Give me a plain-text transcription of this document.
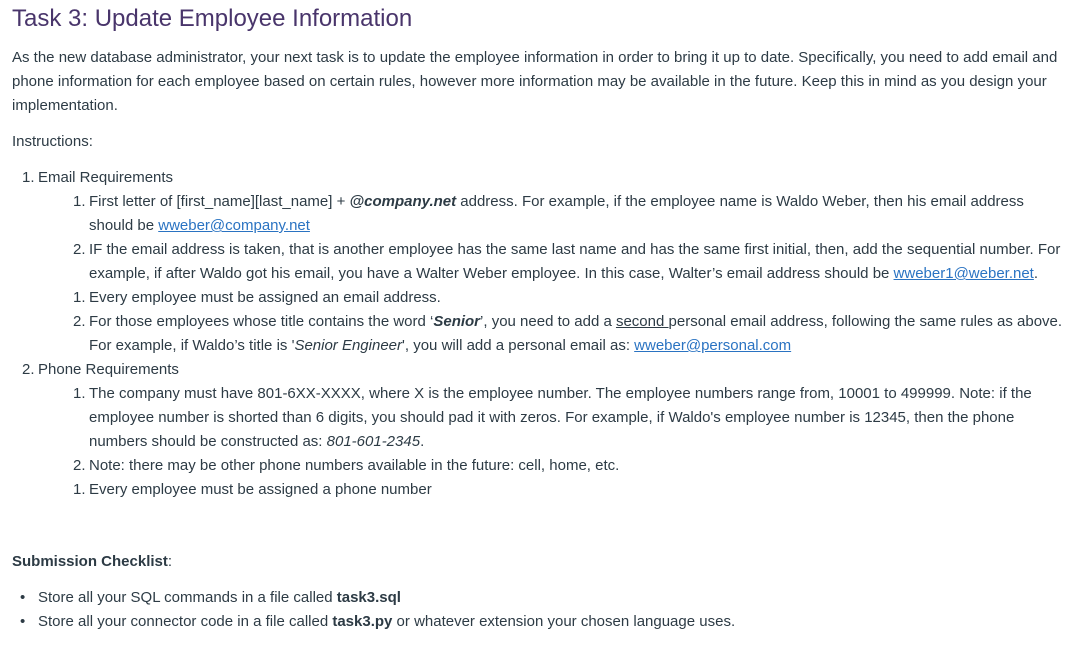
Task 3: Update Employee Information

As the new database administrator, your next task is to update the employee information in order to bring it up to date. Specifically, you need to add email and phone information for each employee based on certain rules, however more information may be available in the future. Keep this in mind as you design your implementation.

Instructions:

1. Email Requirements
1. First letter of [first_name][last_name] + @company.net address. For example, if the employee name is Waldo Weber, then his email address should be wweber@company.net
2. IF the email address is taken, that is another employee has the same last name and has the same first initial, then, add the sequential number. For example, if after Waldo got his email, you have a Walter Weber employee. In this case, Walter’s email address should be wweber1@weber.net.
1. Every employee must be assigned an email address.
2. For those employees whose title contains the word ‘Senior’, you need to add a second personal email address, following the same rules as above. For example, if Waldo’s title is 'Senior Engineer', you will add a personal email as: wweber@personal.com
2. Phone Requirements
1. The company must have 801-6XX-XXXX, where X is the employee number. The employee numbers range from, 10001 to 499999. Note: if the employee number is shorted than 6 digits, you should pad it with zeros. For example, if Waldo's employee number is 12345, then the phone numbers should be constructed as: 801-601-2345.
2. Note: there may be other phone numbers available in the future: cell, home, etc.
1. Every employee must be assigned a phone number

Submission Checklist:

• Store all your SQL commands in a file called task3.sql
• Store all your connector code in a file called task3.py or whatever extension your chosen language uses.
